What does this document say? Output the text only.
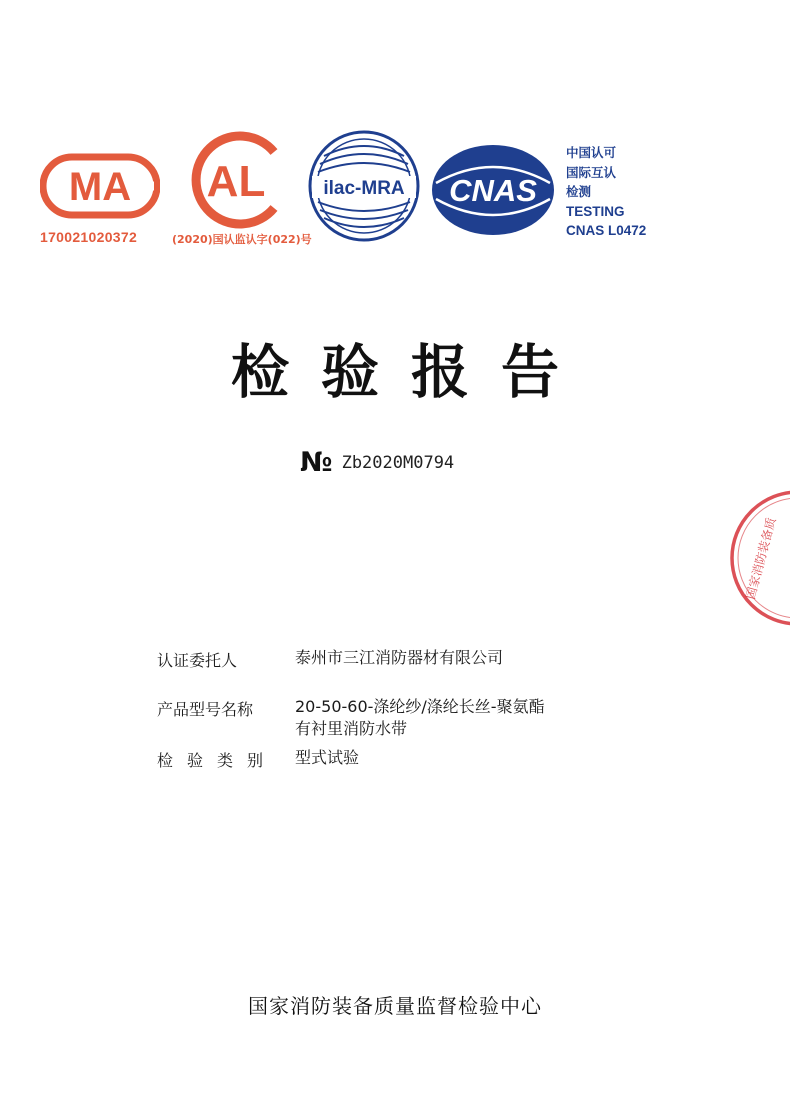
MA AL	ilac-MRA CNAS
170021020372	(2020)国认监认字(022)号
中国认可
国际互认
检测
TESTING
CNAS L0472
检验报告
№ Zb2020M0794
国家消防装备质
认证委托人	泰州市三江消防器材有限公司
产品型号名称	20-50-60-涤纶纱/涤纶长丝-聚氨酯
有衬里消防水带
检验类别 型式试验
国家消防装备质量监督检验中心
